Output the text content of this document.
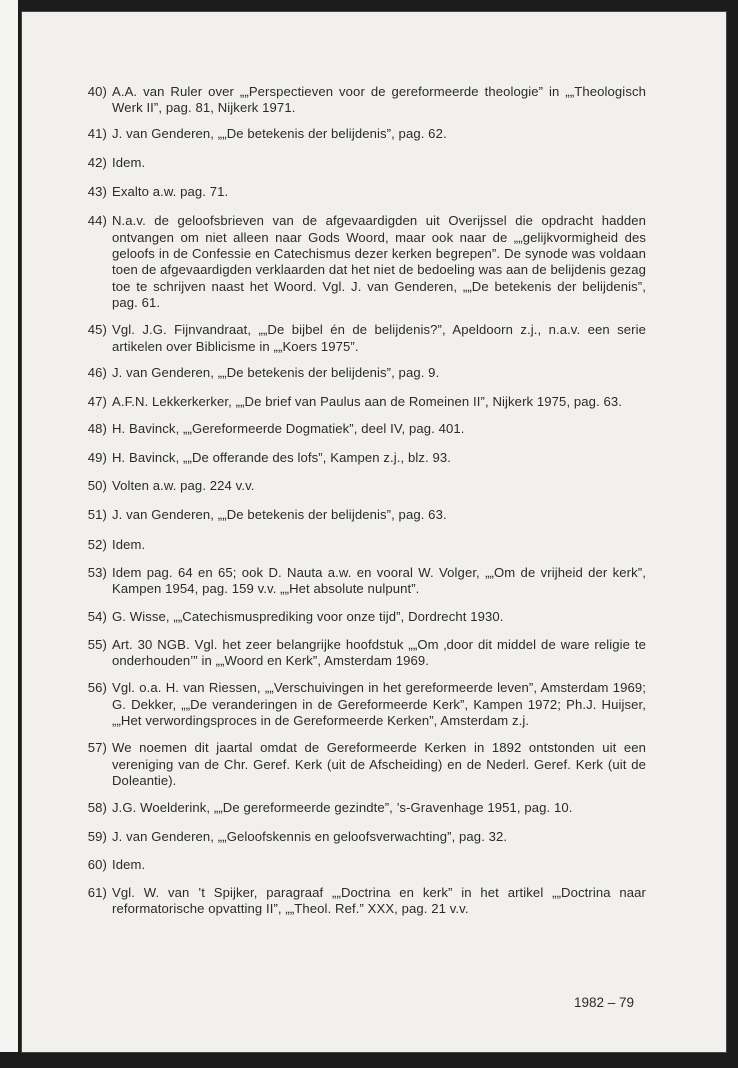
40) A.A. van Ruler over „„Perspectieven voor de gereformeerde theologie” in „„Theologisch Werk II”, pag. 81, Nijkerk 1971.
41) J. van Genderen, „„De betekenis der belijdenis”, pag. 62.
42) Idem.
43) Exalto a.w. pag. 71.
44) N.a.v. de geloofsbrieven van de afgevaardigden uit Overijssel die opdracht hadden ontvangen om niet alleen naar Gods Woord, maar ook naar de „„gelijkvormigheid des geloofs in de Confessie en Catechismus dezer kerken begrepen”. De synode was voldaan toen de afgevaardigden verklaarden dat het niet de bedoeling was aan de belijdenis gezag toe te schrijven naast het Woord. Vgl. J. van Genderen, „„De betekenis der belijdenis”, pag. 61.
45) Vgl. J.G. Fijnvandraat, „„De bijbel én de belijdenis?”, Apeldoorn z.j., n.a.v. een serie artikelen over Biblicisme in „„Koers 1975”.
46) J. van Genderen, „„De betekenis der belijdenis”, pag. 9.
47) A.F.N. Lekkerkerker, „„De brief van Paulus aan de Romeinen II”, Nijkerk 1975, pag. 63.
48) H. Bavinck, „„Gereformeerde Dogmatiek”, deel IV, pag. 401.
49) H. Bavinck, „„De offerande des lofs”, Kampen z.j., blz. 93.
50) Volten a.w. pag. 224 v.v.
51) J. van Genderen, „„De betekenis der belijdenis”, pag. 63.
52) Idem.
53) Idem pag. 64 en 65; ook D. Nauta a.w. en vooral W. Volger, „„Om de vrijheid der kerk”, Kampen 1954, pag. 159 v.v. „„Het absolute nulpunt”.
54) G. Wisse, „„Catechismusprediking voor onze tijd”, Dordrecht 1930.
55) Art. 30 NGB. Vgl. het zeer belangrijke hoofdstuk „„Om ‚door dit middel de ware religie te onderhouden’” in „„Woord en Kerk”, Amsterdam 1969.
56) Vgl. o.a. H. van Riessen, „„Verschuivingen in het gereformeerde leven”, Amsterdam 1969; G. Dekker, „„De veranderingen in de Gereformeerde Kerk”, Kampen 1972; Ph.J. Huijser, „„Het verwordingsproces in de Gereformeerde Kerken”, Amsterdam z.j.
57) We noemen dit jaartal omdat de Gereformeerde Kerken in 1892 ontstonden uit een vereniging van de Chr. Geref. Kerk (uit de Afscheiding) en de Nederl. Geref. Kerk (uit de Doleantie).
58) J.G. Woelderink, „„De gereformeerde gezindte”, ’s-Gravenhage 1951, pag. 10.
59) J. van Genderen, „„Geloofskennis en geloofsverwachting”, pag. 32.
60) Idem.
61) Vgl. W. van ’t Spijker, paragraaf „„Doctrina en kerk” in het artikel „„Doctrina naar reformatorische opvatting II”, „„Theol. Ref.” XXX, pag. 21 v.v.
1982 – 79
